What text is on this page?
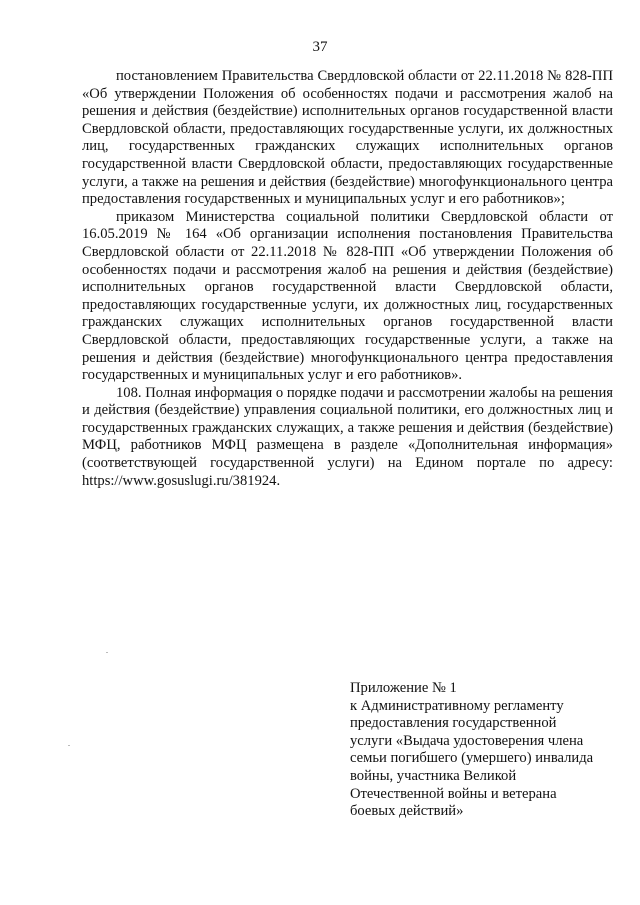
37

постановлением Правительства Свердловской области от 22.11.2018 № 828-ПП «Об утверждении Положения об особенностях подачи и рассмотрения жалоб на решения и действия (бездействие) исполнительных органов государственной власти Свердловской области, предоставляющих государственные услуги, их должностных лиц, государственных гражданских служащих исполнительных органов государственной власти Свердловской области, предоставляющих государственные услуги, а также на решения и действия (бездействие) многофункционального центра предоставления государственных и муниципальных услуг и его работников»;

приказом Министерства социальной политики Свердловской области от 16.05.2019 № 164 «Об организации исполнения постановления Правительства Свердловской области от 22.11.2018 № 828-ПП «Об утверждении Положения об особенностях подачи и рассмотрения жалоб на решения и действия (бездействие) исполнительных органов государственной власти Свердловской области, предоставляющих государственные услуги, их должностных лиц, государственных гражданских служащих исполнительных органов государственной власти Свердловской области, предоставляющих государственные услуги, а также на решения и действия (бездействие) многофункционального центра предоставления государственных и муниципальных услуг и его работников».

108. Полная информация о порядке подачи и рассмотрении жалобы на решения и действия (бездействие) управления социальной политики, его должностных лиц и государственных гражданских служащих, а также решения и действия (бездействие) МФЦ, работников МФЦ размещена в разделе «Дополнительная информация» (соответствующей государственной услуги) на Едином портале по адресу: https://www.gosuslugi.ru/381924.

Приложение № 1
к Административному регламенту
предоставления государственной
услуги «Выдача удостоверения члена
семьи погибшего (умершего) инвалида
войны, участника Великой
Отечественной войны и ветерана
боевых действий»
